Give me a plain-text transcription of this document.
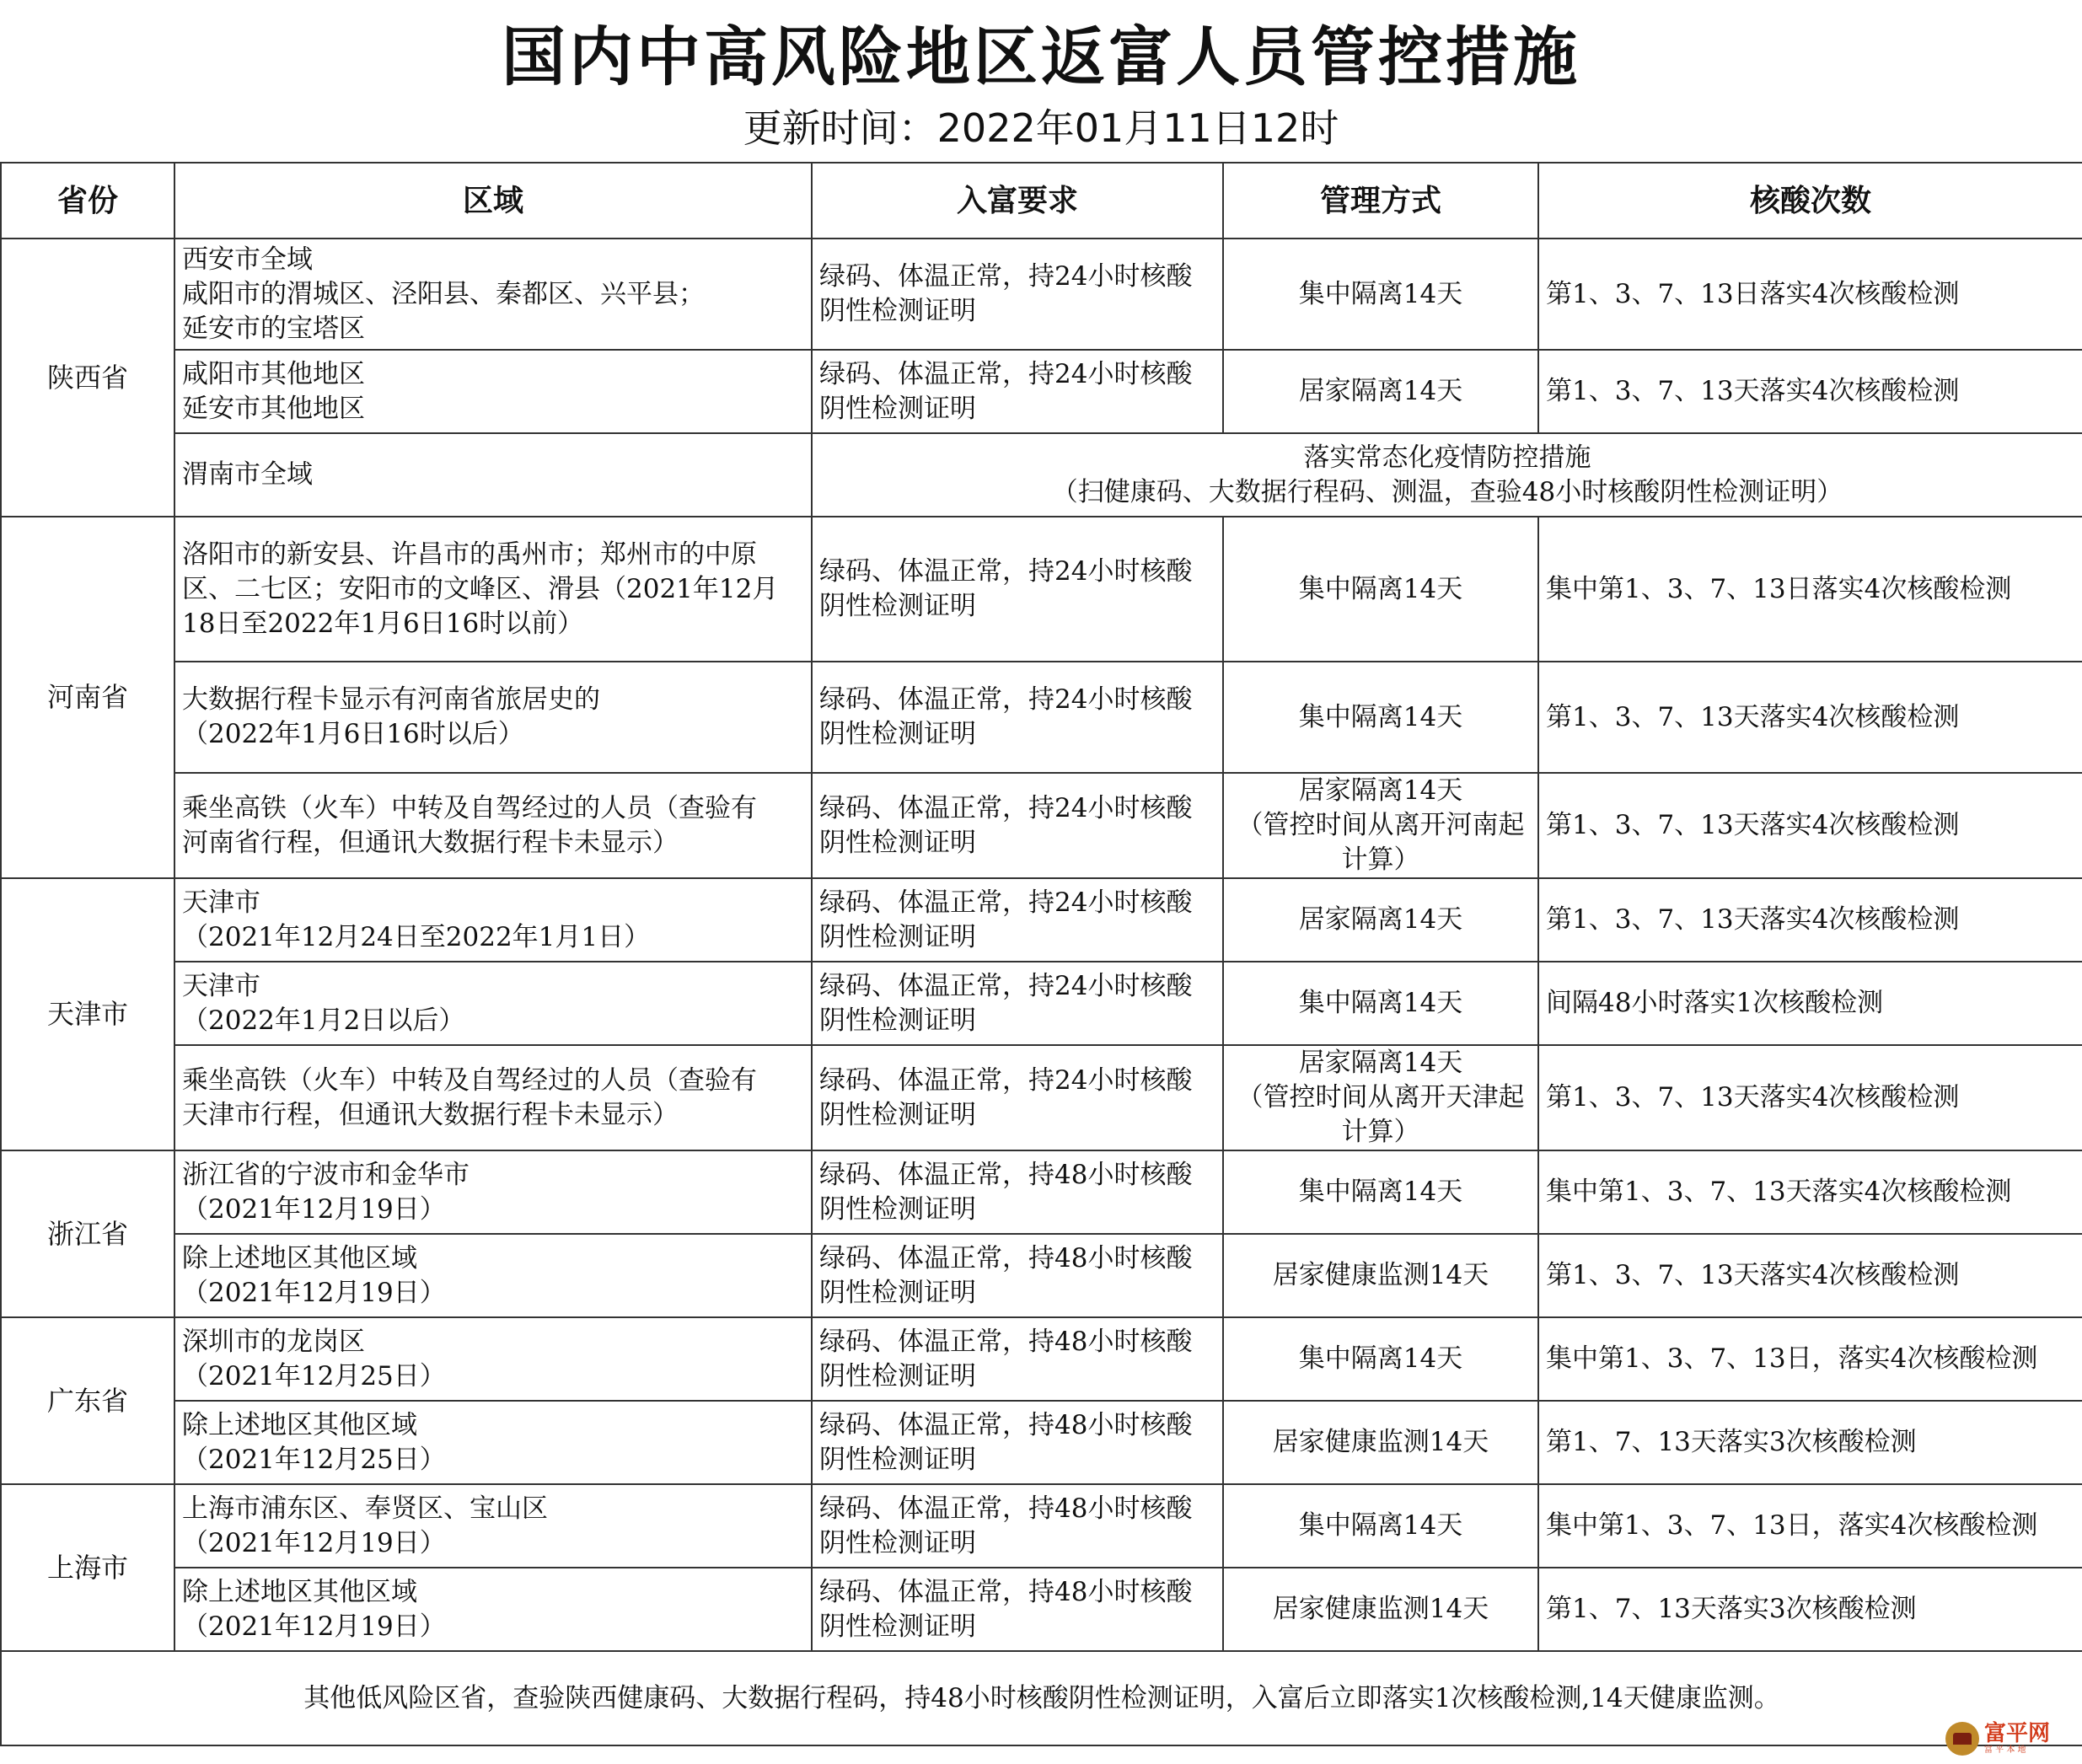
国内中高风险地区返富人员管控措施
更新时间：2022年01月11日12时
省份	区域	入富要求	管理方式	核酸次数
陕西省	西安市全域
咸阳市的渭城区、泾阳县、秦都区、兴平县；
延安市的宝塔区	绿码、体温正常，持24小时核酸
阴性检测证明	集中隔离14天	第1、3、7、13日落实4次核酸检测

	咸阳市其他地区
延安市其他地区	绿码、体温正常，持24小时核酸
阴性检测证明	居家隔离14天	第1、3、7、13天落实4次核酸检测

	渭南市全域	落实常态化疫情防控措施
（扫健康码、大数据行程码、测温，查验48小时核酸阴性检测证明）		

河南省	洛阳市的新安县、许昌市的禹州市；郑州市的中原
区、二七区；安阳市的文峰区、滑县（2021年12月
18日至2022年1月6日16时以前）	绿码、体温正常，持24小时核酸
阴性检测证明	集中隔离14天	集中第1、3、7、13日落实4次核酸检测

	大数据行程卡显示有河南省旅居史的
（2022年1月6日16时以后）	绿码、体温正常，持24小时核酸
阴性检测证明	集中隔离14天	第1、3、7、13天落实4次核酸检测

	乘坐高铁（火车）中转及自驾经过的人员（查验有
河南省行程，但通讯大数据行程卡未显示）	绿码、体温正常，持24小时核酸
阴性检测证明	居家隔离14天
（管控时间从离开河南起
计算）	第1、3、7、13天落实4次核酸检测
天津市	天津市
（2021年12月24日至2022年1月1日）	绿码、体温正常，持24小时核酸
阴性检测证明	居家隔离14天	第1、3、7、13天落实4次核酸检测

	天津市
（2022年1月2日以后）	绿码、体温正常，持24小时核酸
阴性检测证明	集中隔离14天	间隔48小时落实1次核酸检测

	乘坐高铁（火车）中转及自驾经过的人员（查验有
天津市行程，但通讯大数据行程卡未显示）	绿码、体温正常，持24小时核酸
阴性检测证明	居家隔离14天
（管控时间从离开天津起
计算）	第1、3、7、13天落实4次核酸检测
浙江省	浙江省的宁波市和金华市
（2021年12月19日）	绿码、体温正常，持48小时核酸
阴性检测证明	集中隔离14天	集中第1、3、7、13天落实4次核酸检测

	除上述地区其他区域
（2021年12月19日）	绿码、体温正常，持48小时核酸
阴性检测证明	居家健康监测14天	第1、3、7、13天落实4次核酸检测
广东省	深圳市的龙岗区
（2021年12月25日）	绿码、体温正常，持48小时核酸
阴性检测证明	集中隔离14天	集中第1、3、7、13日，落实4次核酸检测

	除上述地区其他区域
（2021年12月25日）	绿码、体温正常，持48小时核酸
阴性检测证明	居家健康监测14天	第1、7、13天落实3次核酸检测
上海市	上海市浦东区、奉贤区、宝山区
（2021年12月19日）	绿码、体温正常，持48小时核酸
阴性检测证明	集中隔离14天	集中第1、3、7、13日，落实4次核酸检测

	除上述地区其他区域
（2021年12月19日）	绿码、体温正常，持48小时核酸
阴性检测证明	居家健康监测14天	第1、7、13天落实3次核酸检测
其他低风险区省，查验陕西健康码、大数据行程码，持48小时核酸阴性检测证明，入富后立即落实1次核酸检测,14天健康监测。				
富平网
富 平 本 地
